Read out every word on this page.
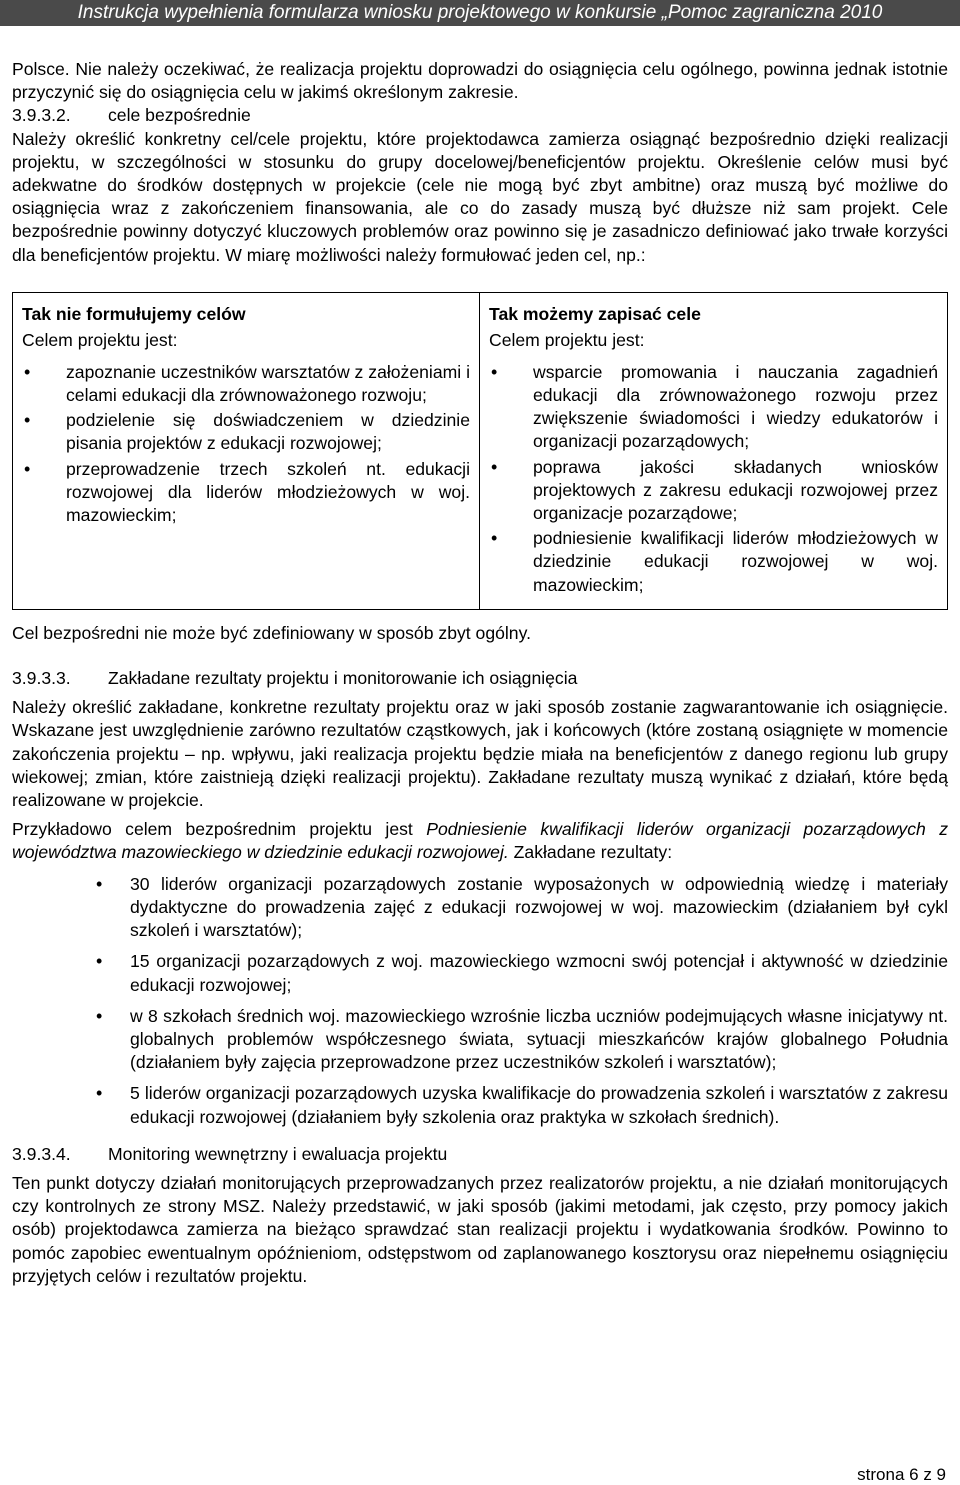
Instrukcja wypełnienia formularza wniosku projektowego w konkursie „Pomoc zagraniczna 2010

Polsce. Nie należy oczekiwać, że realizacja projektu doprowadzi do osiągnięcia celu ogólnego, powinna jednak istotnie przyczynić się do osiągnięcia celu w jakimś określonym zakresie.

3.9.3.2. cele bezpośrednie

Należy określić konkretny cel/cele projektu, które projektodawca zamierza osiągnąć bezpośrednio dzięki realizacji projektu, w szczególności w stosunku do grupy docelowej/beneficjentów projektu. Określenie celów musi być adekwatne do środków dostępnych w projekcie (cele nie mogą być zbyt ambitne) oraz muszą być możliwe do osiągnięcia wraz z zakończeniem finansowania, ale co do zasady muszą być dłuższe niż sam projekt. Cele bezpośrednie powinny dotyczyć kluczowych problemów oraz powinno się je zasadniczo definiować jako trwałe korzyści dla beneficjentów projektu. W miarę możliwości należy formułować jeden cel, np.:

Tak nie formułujemy celów
Celem projektu jest:
• zapoznanie uczestników warsztatów z założeniami i celami edukacji dla zrównoważonego rozwoju;
• podzielenie się doświadczeniem w dziedzinie pisania projektów z edukacji rozwojowej;
• przeprowadzenie trzech szkoleń nt. edukacji rozwojowej dla liderów młodzieżowych w woj. mazowieckim;
Tak możemy zapisać cele
Celem projektu jest:
• wsparcie promowania i nauczania zagadnień edukacji dla zrównoważonego rozwoju przez zwiększenie świadomości i wiedzy edukatorów i organizacji pozarządowych;
• poprawa jakości składanych wniosków projektowych z zakresu edukacji rozwojowej przez organizacje pozarządowe;
• podniesienie kwalifikacji liderów młodzieżowych w dziedzinie edukacji rozwojowej w woj. mazowieckim;

Cel bezpośredni nie może być zdefiniowany w sposób zbyt ogólny.

3.9.3.3. Zakładane rezultaty projektu i monitorowanie ich osiągnięcia

Należy określić zakładane, konkretne rezultaty projektu oraz w jaki sposób zostanie zagwarantowanie ich osiągnięcie. Wskazane jest uwzględnienie zarówno rezultatów cząstkowych, jak i końcowych (które zostaną osiągnięte w momencie zakończenia projektu – np. wpływu, jaki realizacja projektu będzie miała na beneficjentów z danego regionu lub grupy wiekowej; zmian, które zaistnieją dzięki realizacji projektu). Zakładane rezultaty muszą wynikać z działań, które będą realizowane w projekcie.

Przykładowo celem bezpośrednim projektu jest Podniesienie kwalifikacji liderów organizacji pozarządowych z województwa mazowieckiego w dziedzinie edukacji rozwojowej. Zakładane rezultaty:

• 30 liderów organizacji pozarządowych zostanie wyposażonych w odpowiednią wiedzę i materiały dydaktyczne do prowadzenia zajęć z edukacji rozwojowej w woj. mazowieckim (działaniem był cykl szkoleń i warsztatów);
• 15 organizacji pozarządowych z woj. mazowieckiego wzmocni swój potencjał i aktywność w dziedzinie edukacji rozwojowej;
• w 8 szkołach średnich woj. mazowieckiego wzrośnie liczba uczniów podejmujących własne inicjatywy nt. globalnych problemów współczesnego świata, sytuacji mieszkańców krajów globalnego Południa (działaniem były zajęcia przeprowadzone przez uczestników szkoleń i warsztatów);
• 5 liderów organizacji pozarządowych uzyska kwalifikacje do prowadzenia szkoleń i warsztatów z zakresu edukacji rozwojowej (działaniem były szkolenia oraz praktyka w szkołach średnich).
3.9.3.4. Monitoring wewnętrzny i ewaluacja projektu

Ten punkt dotyczy działań monitorujących przeprowadzanych przez realizatorów projektu, a nie działań monitorujących czy kontrolnych ze strony MSZ. Należy przedstawić, w jaki sposób (jakimi metodami, jak często, przy pomocy jakich osób) projektodawca zamierza na bieżąco sprawdzać stan realizacji projektu i wydatkowania środków. Powinno to pomóc zapobiec ewentualnym opóźnieniom, odstępstwom od zaplanowanego kosztorysu oraz niepełnemu osiągnięciu przyjętych celów i rezultatów projektu.

strona 6 z 9
